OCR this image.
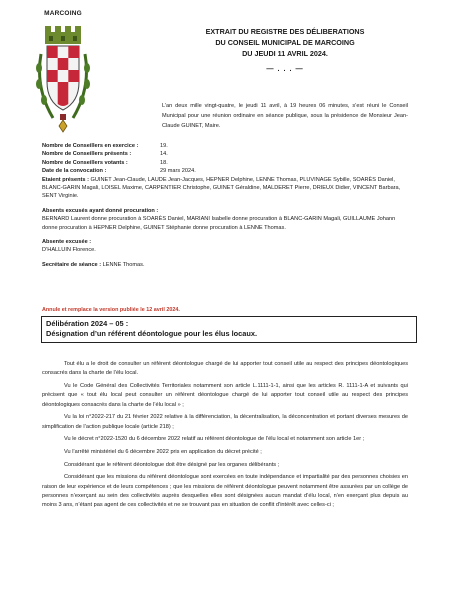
MARCOING
EXTRAIT DU REGISTRE DES DÉLIBERATIONS
DU CONSEIL MUNICIPAL DE MARCOING
DU JEUDI 11 AVRIL 2024.
— . . . —
L’an deux mille vingt-quatre, le jeudi 11 avril, à 19 heures 06 minutes, s’est réuni le Conseil Municipal pour une réunion ordinaire en séance publique, sous la présidence de Monsieur Jean-Claude GUINET, Maire.
Nombre de Conseillers en exercice :	19.
Nombre de Conseillers présents :	14.
Nombre de Conseillers votants :	18.
Date de la convocation :	29 mars 2024.
Etaient présents : GUINET Jean-Claude, LAUDE Jean-Jacques, HEPNER Delphine, LENNE Thomas, PLUVINAGE Sybille, SOARÈS Daniel, BLANC-GARIN Magali, LOISEL Maxime, CARPENTIER Christophe, GUINET Géraldine, MALDERET Pierre, DRIEUX Didier, VINCENT Barbara, SENT Virginie.
Absents excusés ayant donné procuration :
BERNARD Laurent donne procuration à SOARÈS Daniel, MARIANI Isabelle donne procuration à BLANC-GARIN Magali, GUILLAUME Johann donne procuration à HEPNER Delphine, GUINET Stéphanie donne procuration à LENNE Thomas.
Absente excusée :
D’HALLUIN Florence.
Secrétaire de séance : LENNE Thomas.
Annule et remplace la version publiée le 12 avril 2024.
Délibération 2024 – 05 :
Désignation d’un référent déontologue pour les élus locaux.

Tout élu a le droit de consulter un référent déontologue chargé de lui apporter tout conseil utile au respect des principes déontologiques consacrés dans la charte de l’élu local.

Vu le Code Général des Collectivités Territoriales notamment son article L.1111-1-1, ainsi que les articles R. 1111-1-A et suivants qui précisent que « tout élu local peut consulter un référent déontologue chargé de lui apporter tout conseil utile au respect des principes déontologiques consacrés dans la charte de l’élu local » ;

Vu la loi n°2022-217 du 21 février 2022 relative à la différenciation, la décentralisation, la déconcentration et portant diverses mesures de simplification de l’action publique locale (article 218) ;

Vu le décret n°2022-1520 du 6 décembre 2022 relatif au référent déontologue de l’élu local et notamment son article 1er ;

Vu l’arrêté ministériel du 6 décembre 2022 pris en application du décret précité ;

Considérant que le référent déontologue doit être désigné par les organes délibérants ;

Considérant que les missions du référent déontologue sont exercées en toute indépendance et impartialité par des personnes choisies en raison de leur expérience et de leurs compétences ; que les missions de référent déontologue peuvent notamment être assurées par un collège de personnes n’exerçant au sein des collectivités auprès desquelles elles sont désignées aucun mandat d’élu local, n’en exerçant plus depuis au moins 3 ans, n’étant pas agent de ces collectivités et ne se trouvant pas en situation de conflit d’intérêt avec celles-ci ;
